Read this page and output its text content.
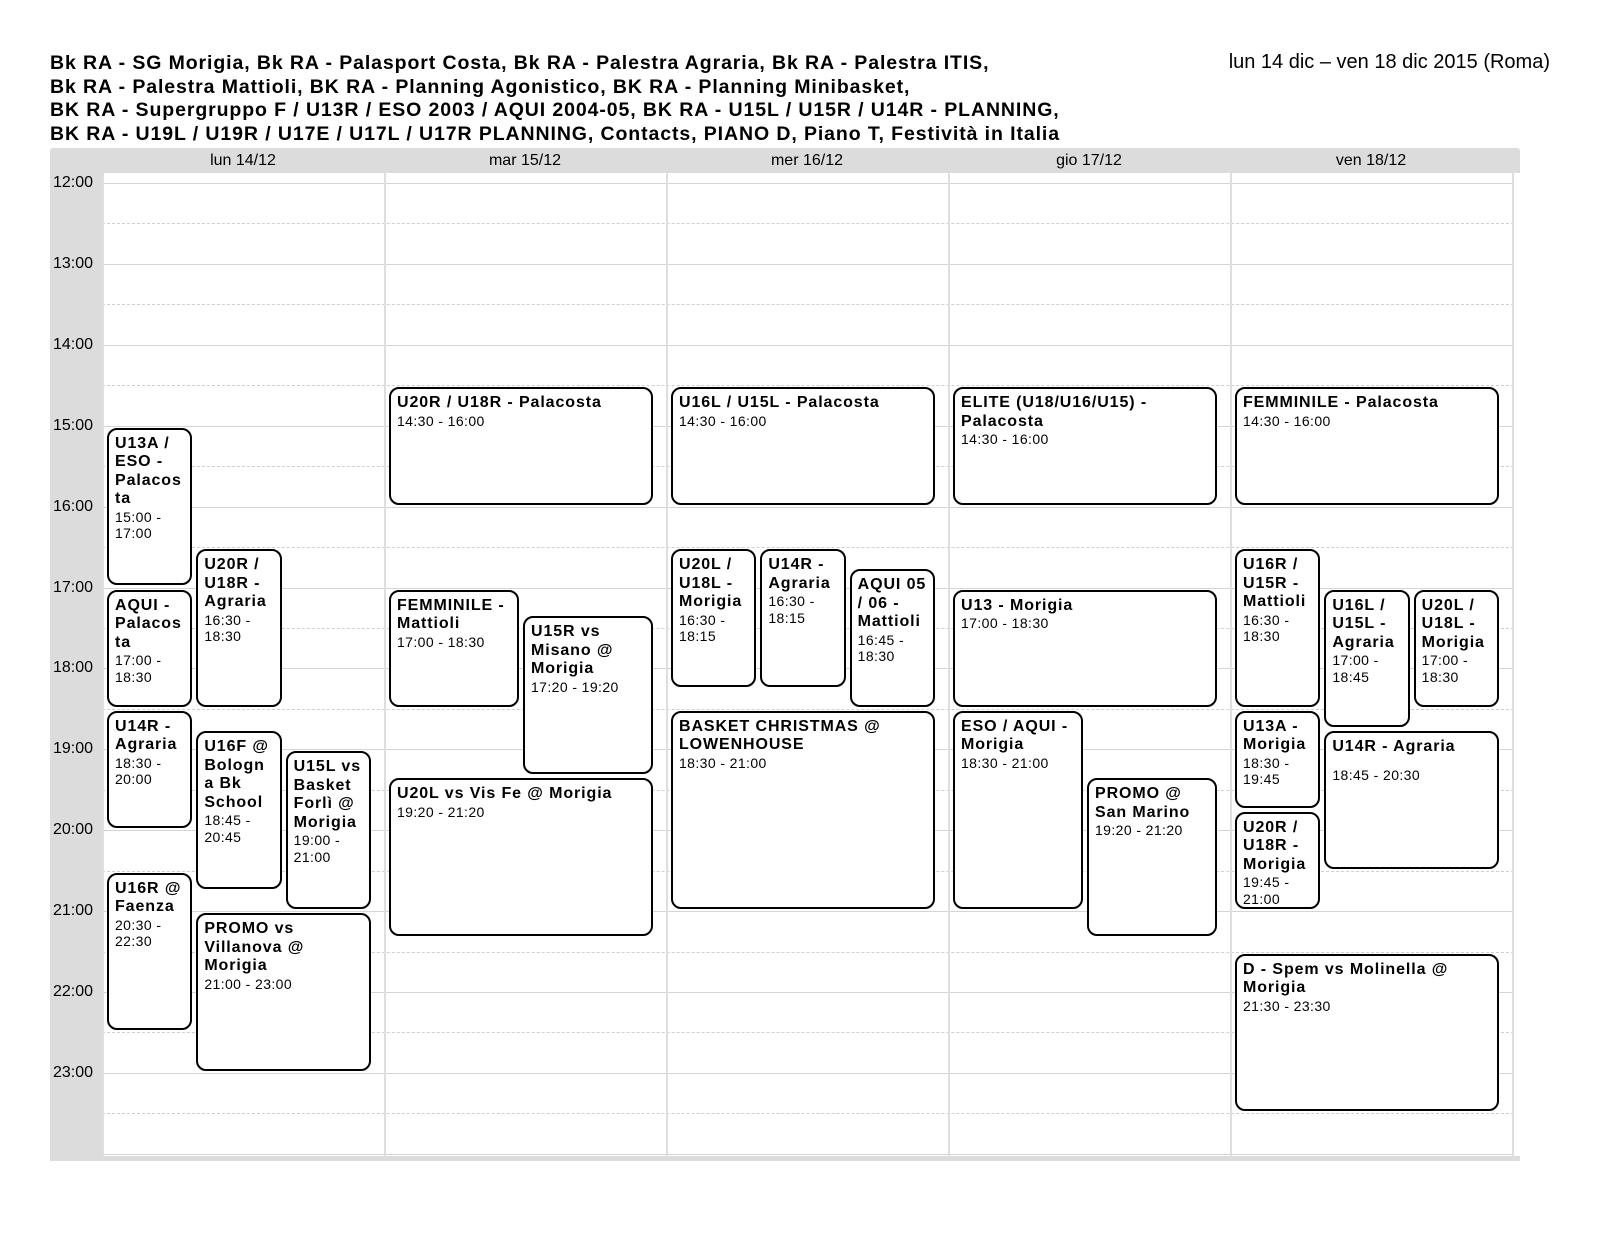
Bk RA - SG Morigia, Bk RA - Palasport Costa, Bk RA - Palestra Agraria, Bk RA - Palestra ITIS,
Bk RA - Palestra Mattioli, BK RA - Planning Agonistico, BK RA - Planning Minibasket,
BK RA - Supergruppo F / U13R / ESO 2003 / AQUI 2004-05, BK RA - U15L / U15R / U14R - PLANNING,
BK RA - U19L / U19R / U17E / U17L / U17R PLANNING, Contacts, PIANO D, Piano T, Festività in Italia
lun 14 dic – ven 18 dic 2015 (Roma)
lun 14/12	mar 15/12	mer 16/12	gio 17/12	ven 18/12
12:00
13:00
14:00
15:00
16:00
17:00
18:00
19:00
20:00
21:00
22:00
23:00
U13A / ESO - Palacosta
15:00 - 17:00
U20R / U18R - Agraria
16:30 - 18:30
AQUI - Palacosta
17:00 - 18:30
U14R - Agraria
18:30 - 20:00
U16F @ Bologna Bk School
18:45 - 20:45
U15L vs Basket Forlì @ Morigia
19:00 - 21:00
U16R @ Faenza
20:30 - 22:30
PROMO vs Villanova @ Morigia
21:00 - 23:00
U20R / U18R - Palacosta
14:30 - 16:00
FEMMINILE - Mattioli
17:00 - 18:30
U15R vs Misano @ Morigia
17:20 - 19:20
U20L vs Vis Fe @ Morigia
19:20 - 21:20
U16L / U15L - Palacosta
14:30 - 16:00
U20L / U18L - Morigia
16:30 - 18:15
U14R - Agraria
16:30 - 18:15
AQUI 05 / 06 - Mattioli
16:45 - 18:30
BASKET CHRISTMAS @ LOWENHOUSE
18:30 - 21:00
ELITE (U18/U16/U15) - Palacosta
14:30 - 16:00
U13 - Morigia
17:00 - 18:30
ESO / AQUI - Morigia
18:30 - 21:00
PROMO @ San Marino
19:20 - 21:20
FEMMINILE - Palacosta
14:30 - 16:00
U16R / U15R - Mattioli
16:30 - 18:30
U16L / U15L - Agraria
17:00 - 18:45
U20L / U18L - Morigia
17:00 - 18:30
U13A - Morigia
18:30 - 19:45
U14R - Agraria
18:45 - 20:30
U20R / U18R - Morigia
19:45 - 21:00
D - Spem vs Molinella @ Morigia
21:30 - 23:30
